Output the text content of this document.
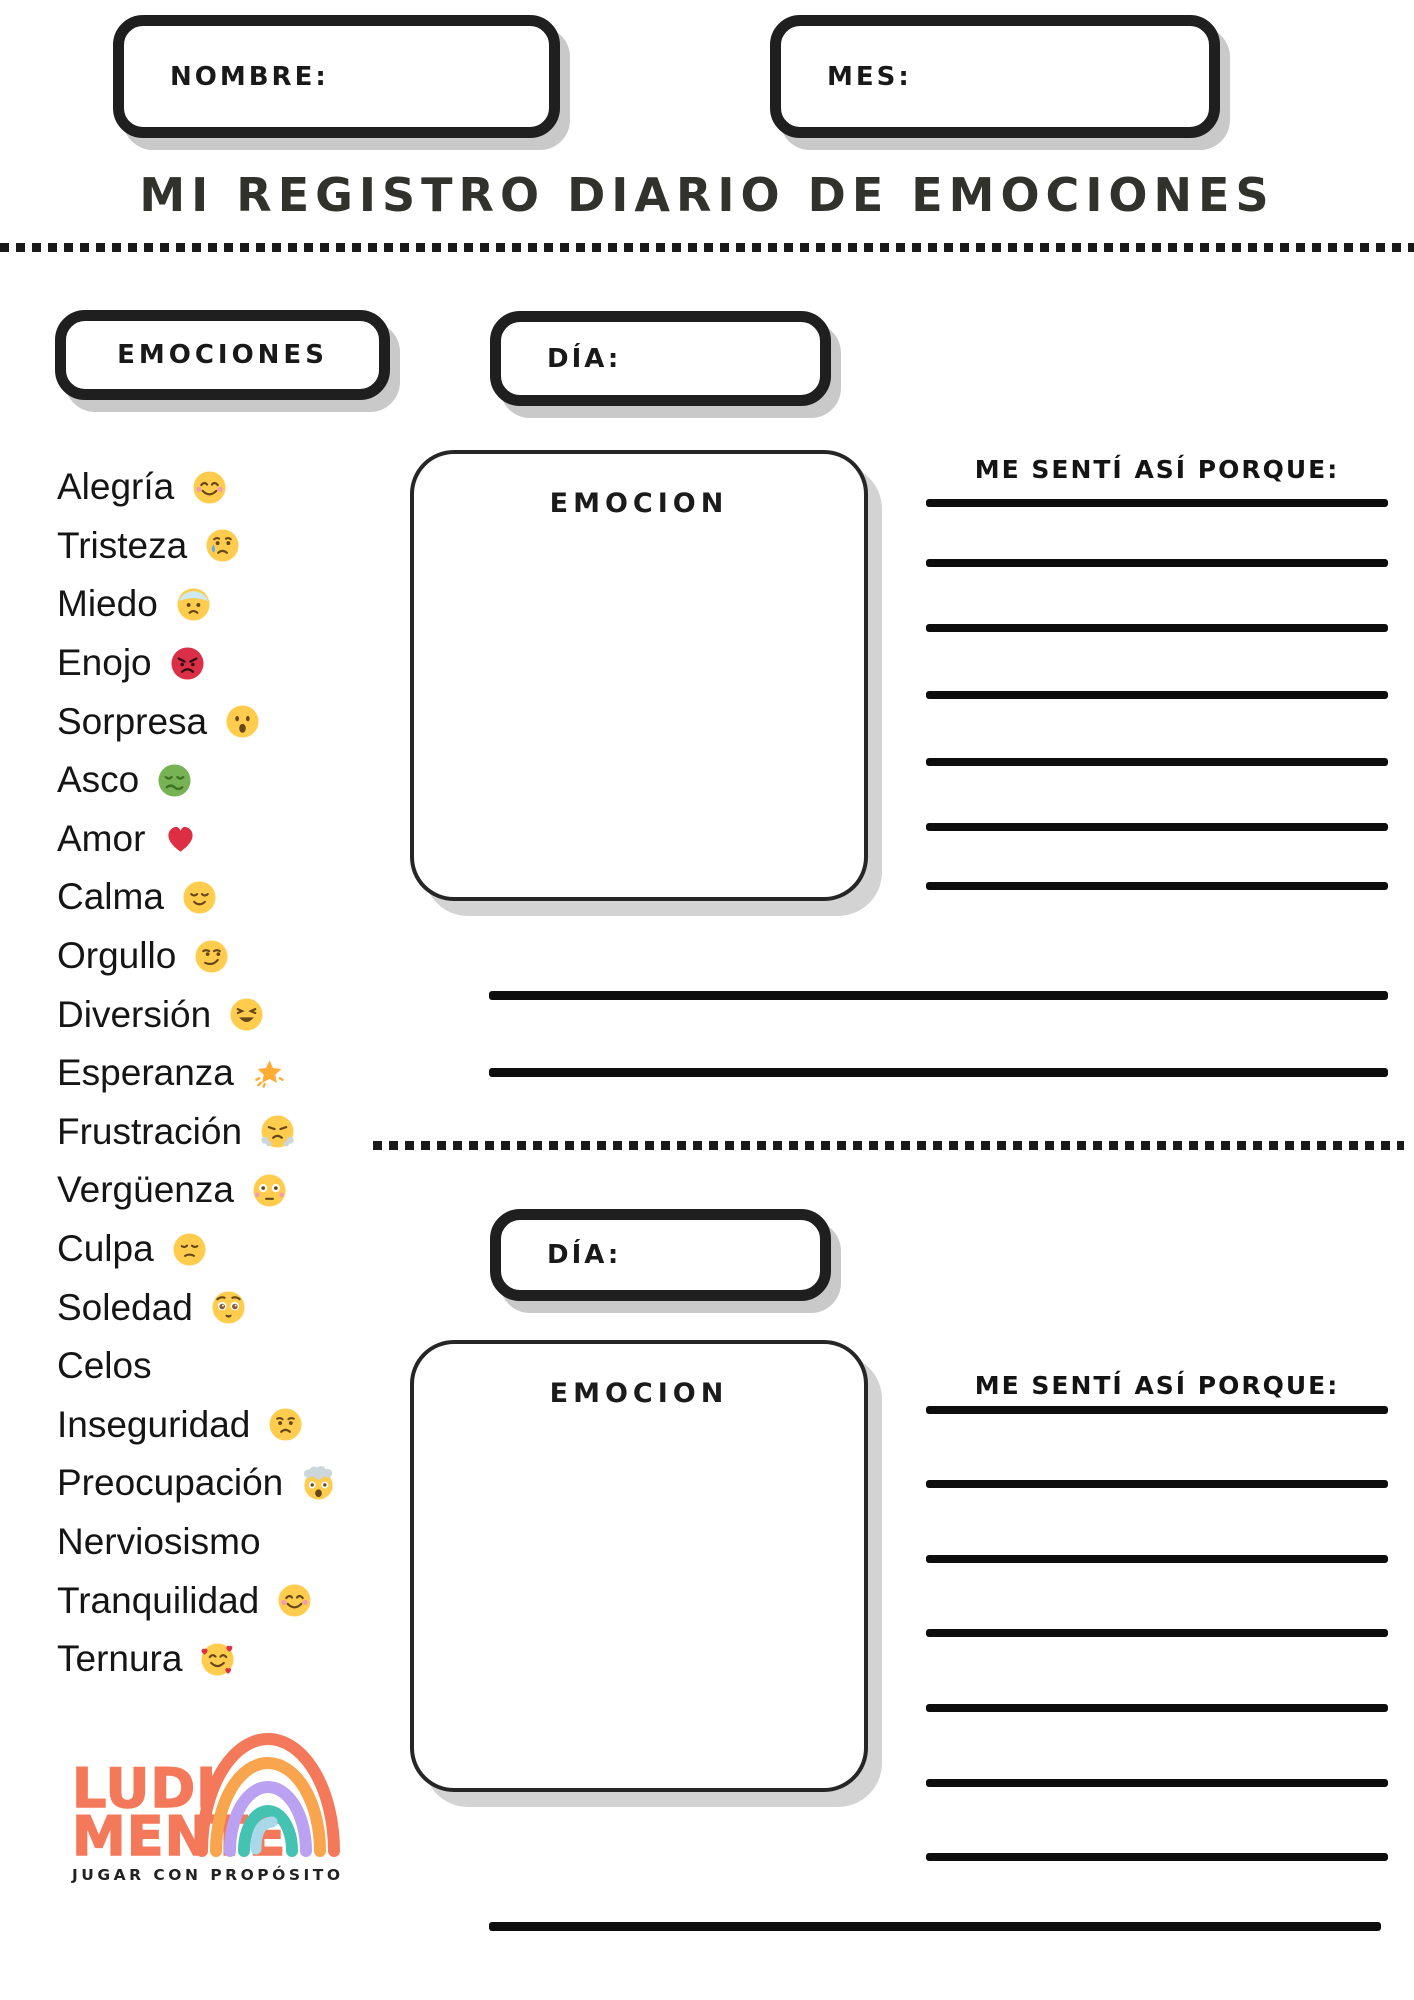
NOMBRE:	MES:
MI REGISTRO DIARIO DE EMOCIONES
EMOCIONES
Alegría
Tristeza
Miedo
Enojo
Sorpresa
Asco
Amor
Calma
Orgullo
Diversión
Esperanza
Frustración
Vergüenza
Culpa
Soledad
Celos
Inseguridad
Preocupación
Nerviosismo
Tranquilidad
Ternura
DÍA:
EMOCION
ME SENTÍ ASÍ PORQUE:
DÍA:
EMOCION	ME SENTÍ ASÍ PORQUE:
LUDI
MENTE
JUGAR CON PROPÓSITO
